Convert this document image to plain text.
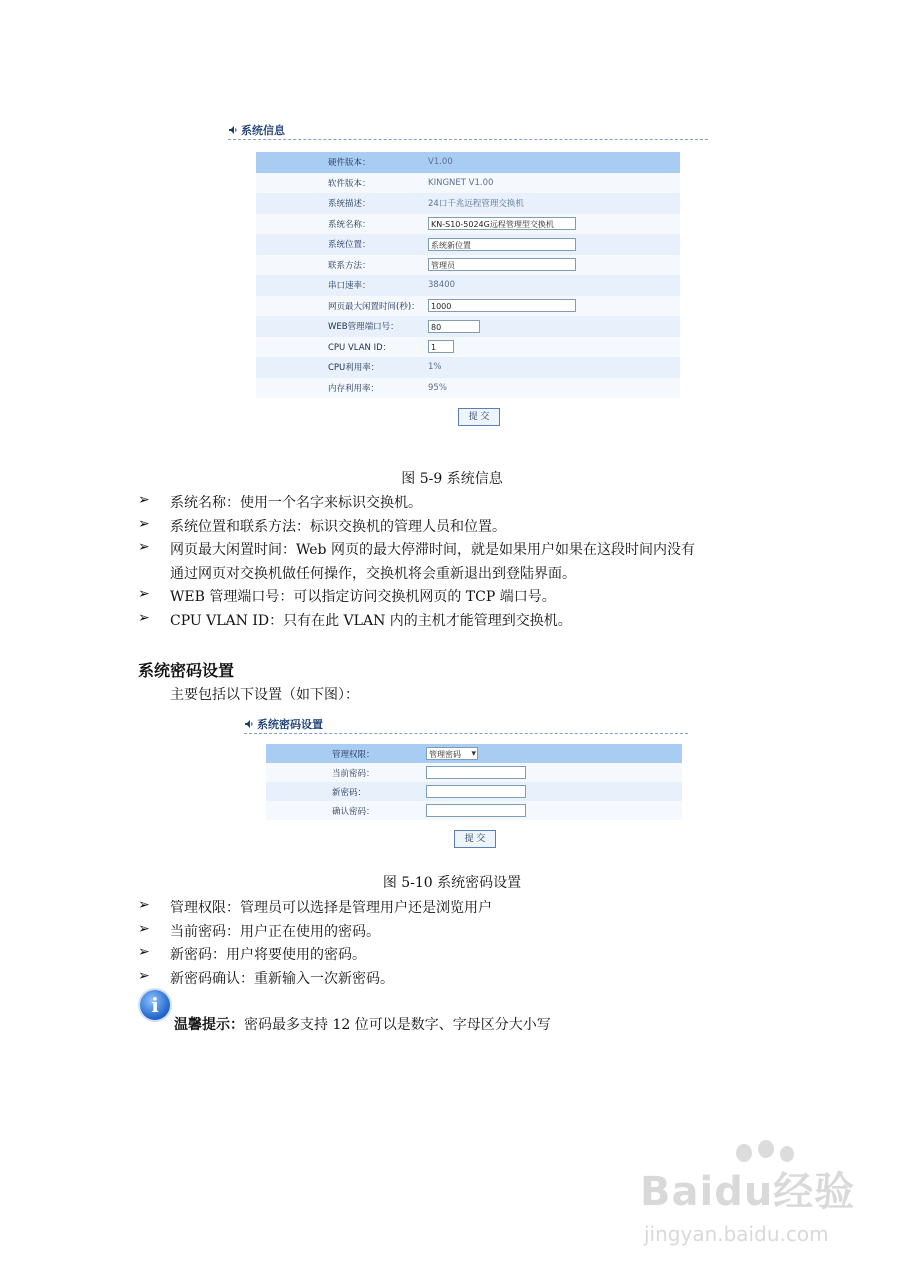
系统信息
硬件版本：	V1.00
软件版本：	KINGNET V1.00
系统描述：	24口千兆远程管理交换机
系统名称：	KN-S10-5024G远程管理型交换机
系统位置：	系统新位置
联系方法：	管理员
串口速率：	38400
网页最大闲置时间(秒)：	1000
WEB管理端口号：	80
CPU VLAN ID：	1
CPU利用率：	1%
内存利用率：	95%
提 交
图 5-9 系统信息
➢ 系统名称：使用一个名字来标识交换机。
➢ 系统位置和联系方法：标识交换机的管理人员和位置。
➢ 网页最大闲置时间：Web 网页的最大停滞时间，就是如果用户如果在这段时间内没有
通过网页对交换机做任何操作，交换机将会重新退出到登陆界面。
➢ WEB 管理端口号：可以指定访问交换机网页的 TCP 端口号。
➢ CPU VLAN ID：只有在此 VLAN 内的主机才能管理到交换机。
系统密码设置
主要包括以下设置（如下图）：
系统密码设置
管理权限：	管理密码 ▾
当前密码：
新密码：
确认密码：
提 交
图 5-10 系统密码设置
➢ 管理权限：管理员可以选择是管理用户还是浏览用户
➢ 当前密码：用户正在使用的密码。
➢ 新密码：用户将要使用的密码。
➢ 新密码确认：重新输入一次新密码。
i
温馨提示：密码最多支持 12 位可以是数字、字母区分大小写
Baidu经验
jingyan.baidu.com
